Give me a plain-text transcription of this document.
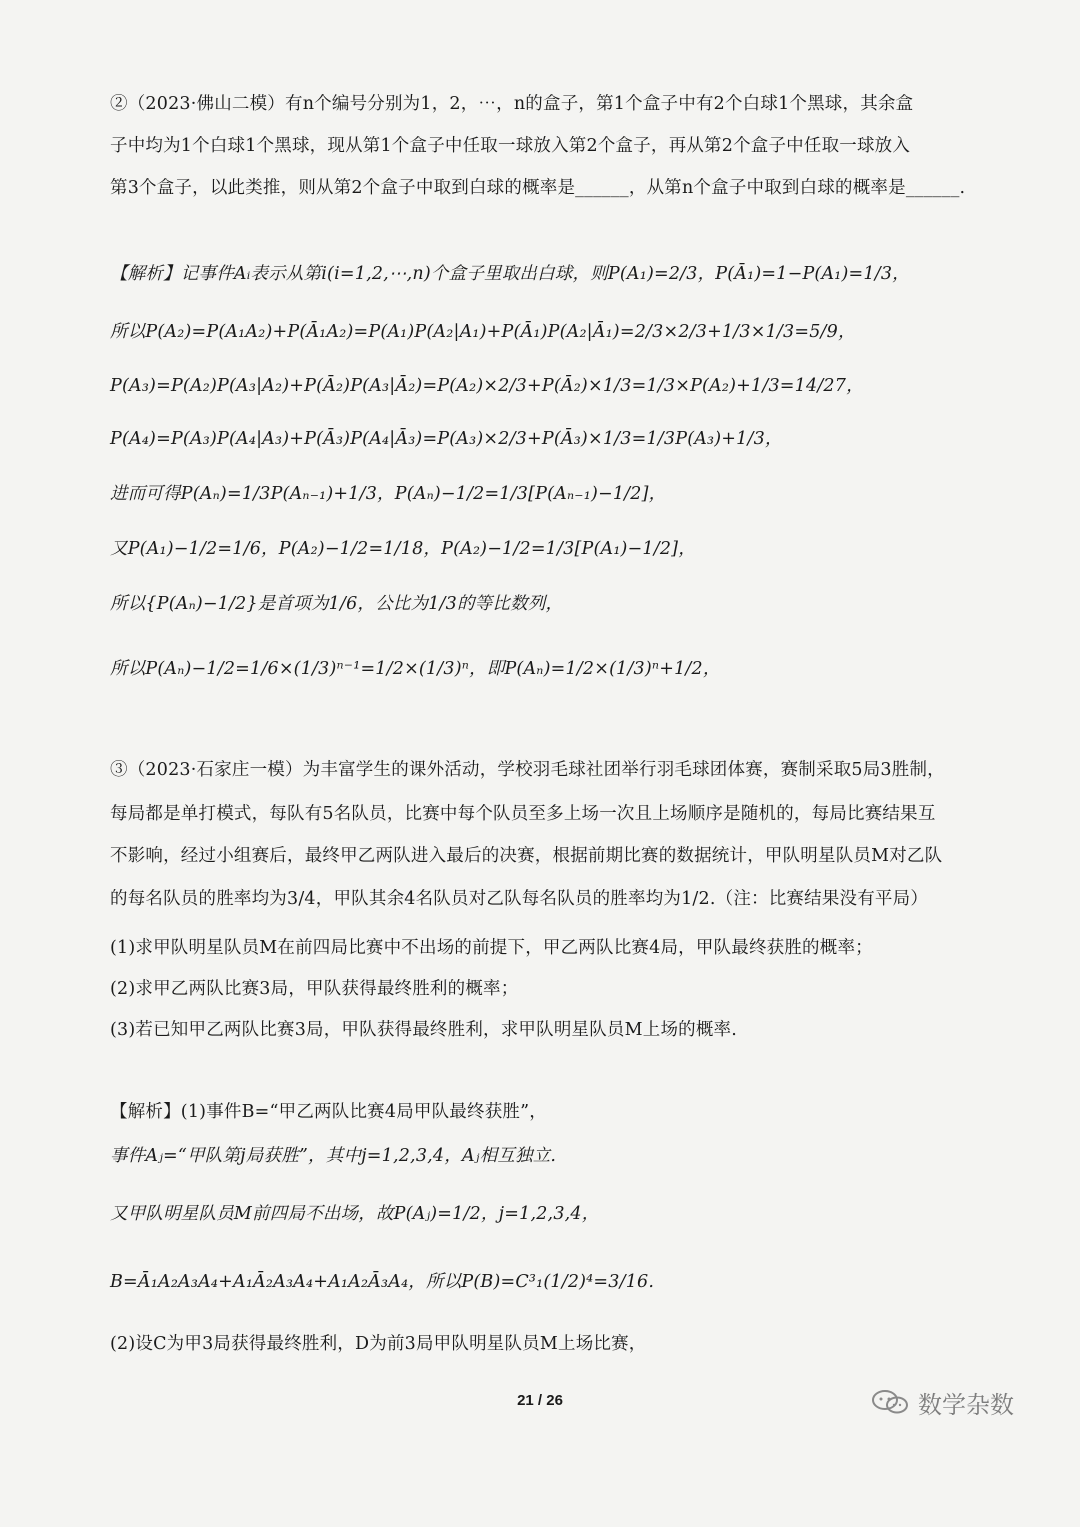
②（2023·佛山二模）有n个编号分别为1，2，⋯，n的盒子，第1个盒子中有2个白球1个黑球，其余盒
子中均为1个白球1个黑球，现从第1个盒子中任取一球放入第2个盒子，再从第2个盒子中任取一球放入
第3个盒子，以此类推，则从第2个盒子中取到白球的概率是______，从第n个盒子中取到白球的概率是______.
【解析】记事件Aᵢ表示从第i(i=1,2,⋯,n)个盒子里取出白球，则P(A₁)=2/3，P(Ā₁)=1−P(A₁)=1/3，
所以P(A₂)=P(A₁A₂)+P(Ā₁A₂)=P(A₁)P(A₂|A₁)+P(Ā₁)P(A₂|Ā₁)=2/3×2/3+1/3×1/3=5/9，
P(A₃)=P(A₂)P(A₃|A₂)+P(Ā₂)P(A₃|Ā₂)=P(A₂)×2/3+P(Ā₂)×1/3=1/3×P(A₂)+1/3=14/27，
P(A₄)=P(A₃)P(A₄|A₃)+P(Ā₃)P(A₄|Ā₃)=P(A₃)×2/3+P(Ā₃)×1/3=1/3P(A₃)+1/3，
进而可得P(Aₙ)=1/3P(Aₙ₋₁)+1/3，P(Aₙ)−1/2=1/3[P(Aₙ₋₁)−1/2]，
又P(A₁)−1/2=1/6，P(A₂)−1/2=1/18，P(A₂)−1/2=1/3[P(A₁)−1/2]，
所以{P(Aₙ)−1/2}是首项为1/6，公比为1/3的等比数列，
所以P(Aₙ)−1/2=1/6×(1/3)ⁿ⁻¹=1/2×(1/3)ⁿ，即P(Aₙ)=1/2×(1/3)ⁿ+1/2，
③（2023·石家庄一模）为丰富学生的课外活动，学校羽毛球社团举行羽毛球团体赛，赛制采取5局3胜制，
每局都是单打模式，每队有5名队员，比赛中每个队员至多上场一次且上场顺序是随机的，每局比赛结果互
不影响，经过小组赛后，最终甲乙两队进入最后的决赛，根据前期比赛的数据统计，甲队明星队员M对乙队
的每名队员的胜率均为3/4，甲队其余4名队员对乙队每名队员的胜率均为1/2.（注：比赛结果没有平局）
(1)求甲队明星队员M在前四局比赛中不出场的前提下，甲乙两队比赛4局，甲队最终获胜的概率；
(2)求甲乙两队比赛3局，甲队获得最终胜利的概率；
(3)若已知甲乙两队比赛3局，甲队获得最终胜利，求甲队明星队员M上场的概率.
【解析】(1)事件B=“甲乙两队比赛4局甲队最终获胜”，
事件Aⱼ=“甲队第j局获胜”，其中j=1,2,3,4，Aⱼ相互独立.
又甲队明星队员M前四局不出场，故P(Aⱼ)=1/2，j=1,2,3,4，
B=Ā₁A₂A₃A₄+A₁Ā₂A₃A₄+A₁A₂Ā₃A₄，所以P(B)=C³₁(1/2)⁴=3/16.
(2)设C为甲3局获得最终胜利，D为前3局甲队明星队员M上场比赛，
21 / 26	数学杂数
